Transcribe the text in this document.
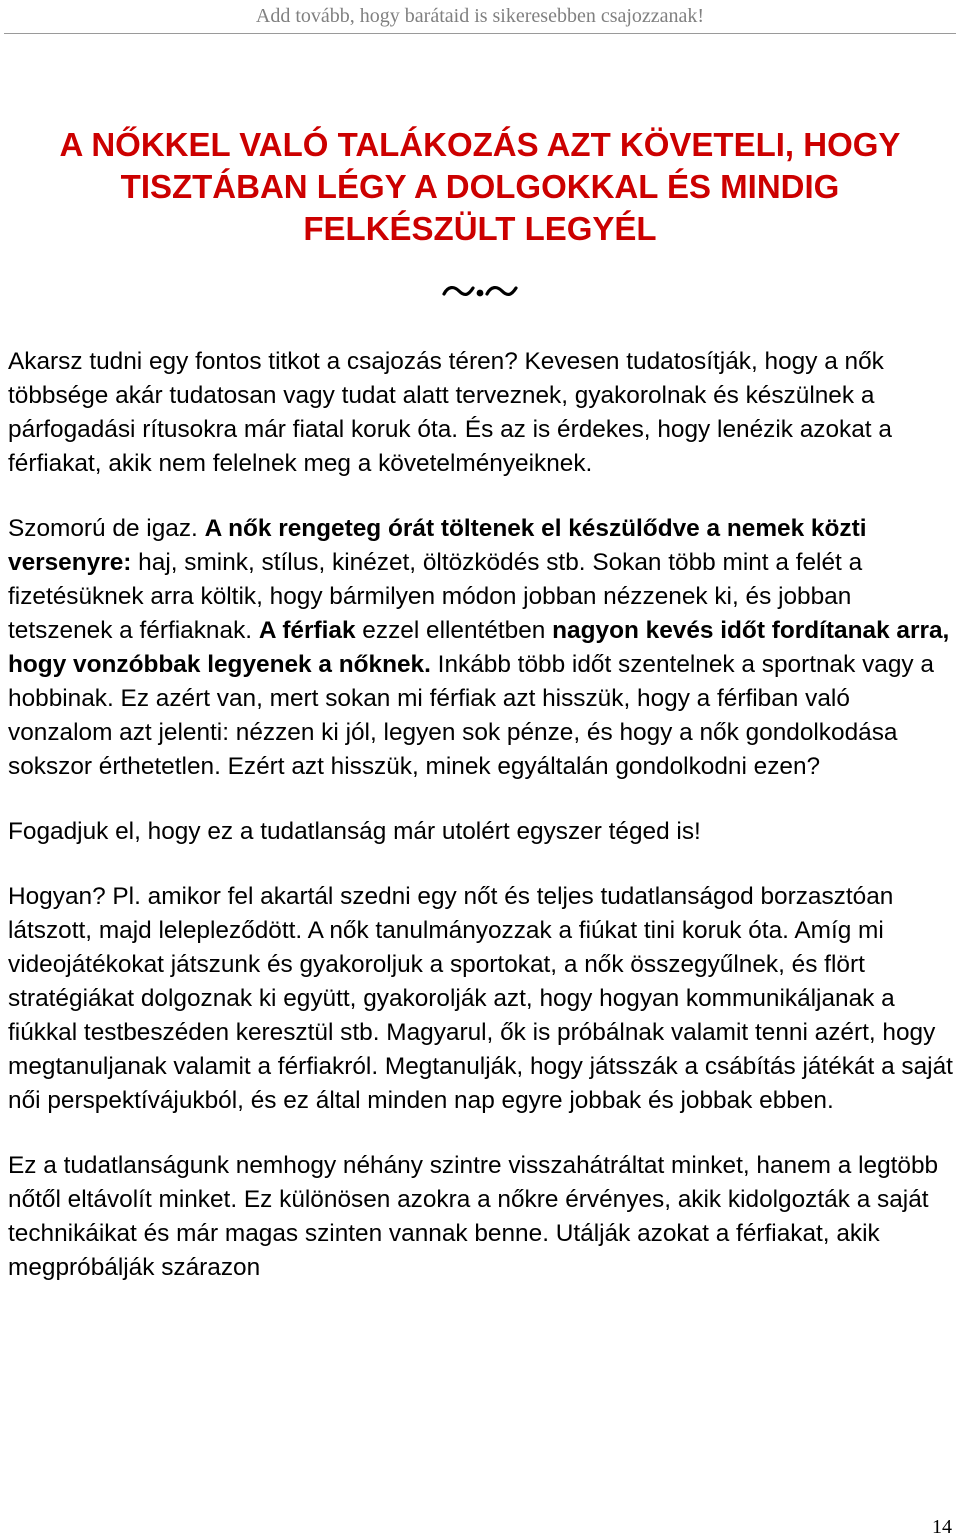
Add tovább, hogy barátaid is sikeresebben csajozzanak!
A NŐKKEL VALÓ TALÁKOZÁS AZT KÖVETELI, HOGY
TISZTÁBAN LÉGY A DOLGOKKAL ÉS MINDIG
FELKÉSZÜLT LEGYÉL

Akarsz tudni egy fontos titkot a csajozás téren? Kevesen tudatosítják, hogy a nők többsége akár tudatosan vagy tudat alatt terveznek, gyakorolnak és készülnek a párfogadási rítusokra már fiatal koruk óta. És az is érdekes, hogy lenézik azokat a férfiakat, akik nem felelnek meg a követelményeiknek.

Szomorú de igaz. A nők rengeteg órát töltenek el készülődve a nemek közti versenyre: haj, smink, stílus, kinézet, öltözködés stb. Sokan több mint a felét a fizetésüknek arra költik, hogy bármilyen módon jobban nézzenek ki, és jobban tetszenek a férfiaknak. A férfiak ezzel ellentétben nagyon kevés időt fordítanak arra, hogy vonzóbbak legyenek a nőknek. Inkább több időt szentelnek a sportnak vagy a hobbinak. Ez azért van, mert sokan mi férfiak azt hisszük, hogy a férfiban való vonzalom azt jelenti: nézzen ki jól, legyen sok pénze, és hogy a nők gondolkodása sokszor érthetetlen. Ezért azt hisszük, minek egyáltalán gondolkodni ezen?

Fogadjuk el, hogy ez a tudatlanság már utolért egyszer téged is!

Hogyan? Pl. amikor fel akartál szedni egy nőt és teljes tudatlanságod borzasztóan látszott, majd lelepleződött. A nők tanulmányozzak a fiúkat tini koruk óta. Amíg mi videojátékokat játszunk és gyakoroljuk a sportokat, a nők összegyűlnek, és flört stratégiákat dolgoznak ki együtt, gyakorolják azt, hogy hogyan kommunikáljanak a fiúkkal testbeszéden keresztül stb. Magyarul, ők is próbálnak valamit tenni azért, hogy megtanuljanak valamit a férfiakról. Megtanulják, hogy játsszák a csábítás játékát a saját női perspektívájukból, és ez által minden nap egyre jobbak és jobbak ebben.

Ez a tudatlanságunk nemhogy néhány szintre visszahátráltat minket, hanem a legtöbb nőtől eltávolít minket. Ez különösen azokra a nőkre érvényes, akik kidolgozták a saját technikáikat és már magas szinten vannak benne. Utálják azokat a férfiakat, akik megpróbálják szárazon

14
